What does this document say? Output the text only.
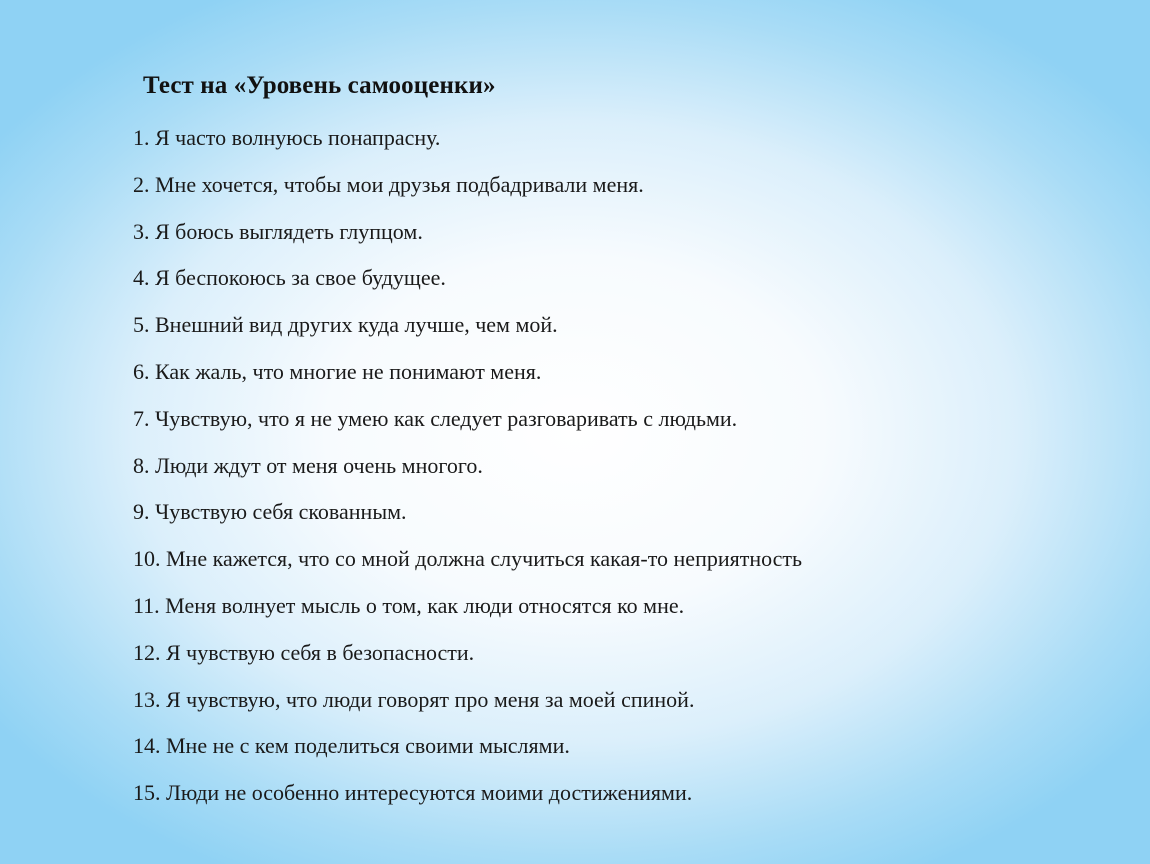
Тест на «Уровень самооценки»
1. Я часто волнуюсь понапрасну.
2. Мне хочется, чтобы мои друзья подбадривали меня.
3. Я боюсь выглядеть глупцом.
4. Я беспокоюсь за свое будущее.
5. Внешний вид других куда лучше, чем мой.
6. Как жаль, что многие не понимают меня.
7. Чувствую, что я не умею как следует разговаривать с людьми.
8. Люди ждут от меня очень многого.
9. Чувствую себя скованным.
10. Мне кажется, что со мной должна случиться какая-то неприятность
11. Меня волнует мысль о том, как люди относятся ко мне.
12. Я чувствую себя в безопасности.
13. Я чувствую, что люди говорят про меня за моей спиной.
14. Мне не с кем поделиться своими мыслями.
15. Люди не особенно интересуются моими достижениями.
